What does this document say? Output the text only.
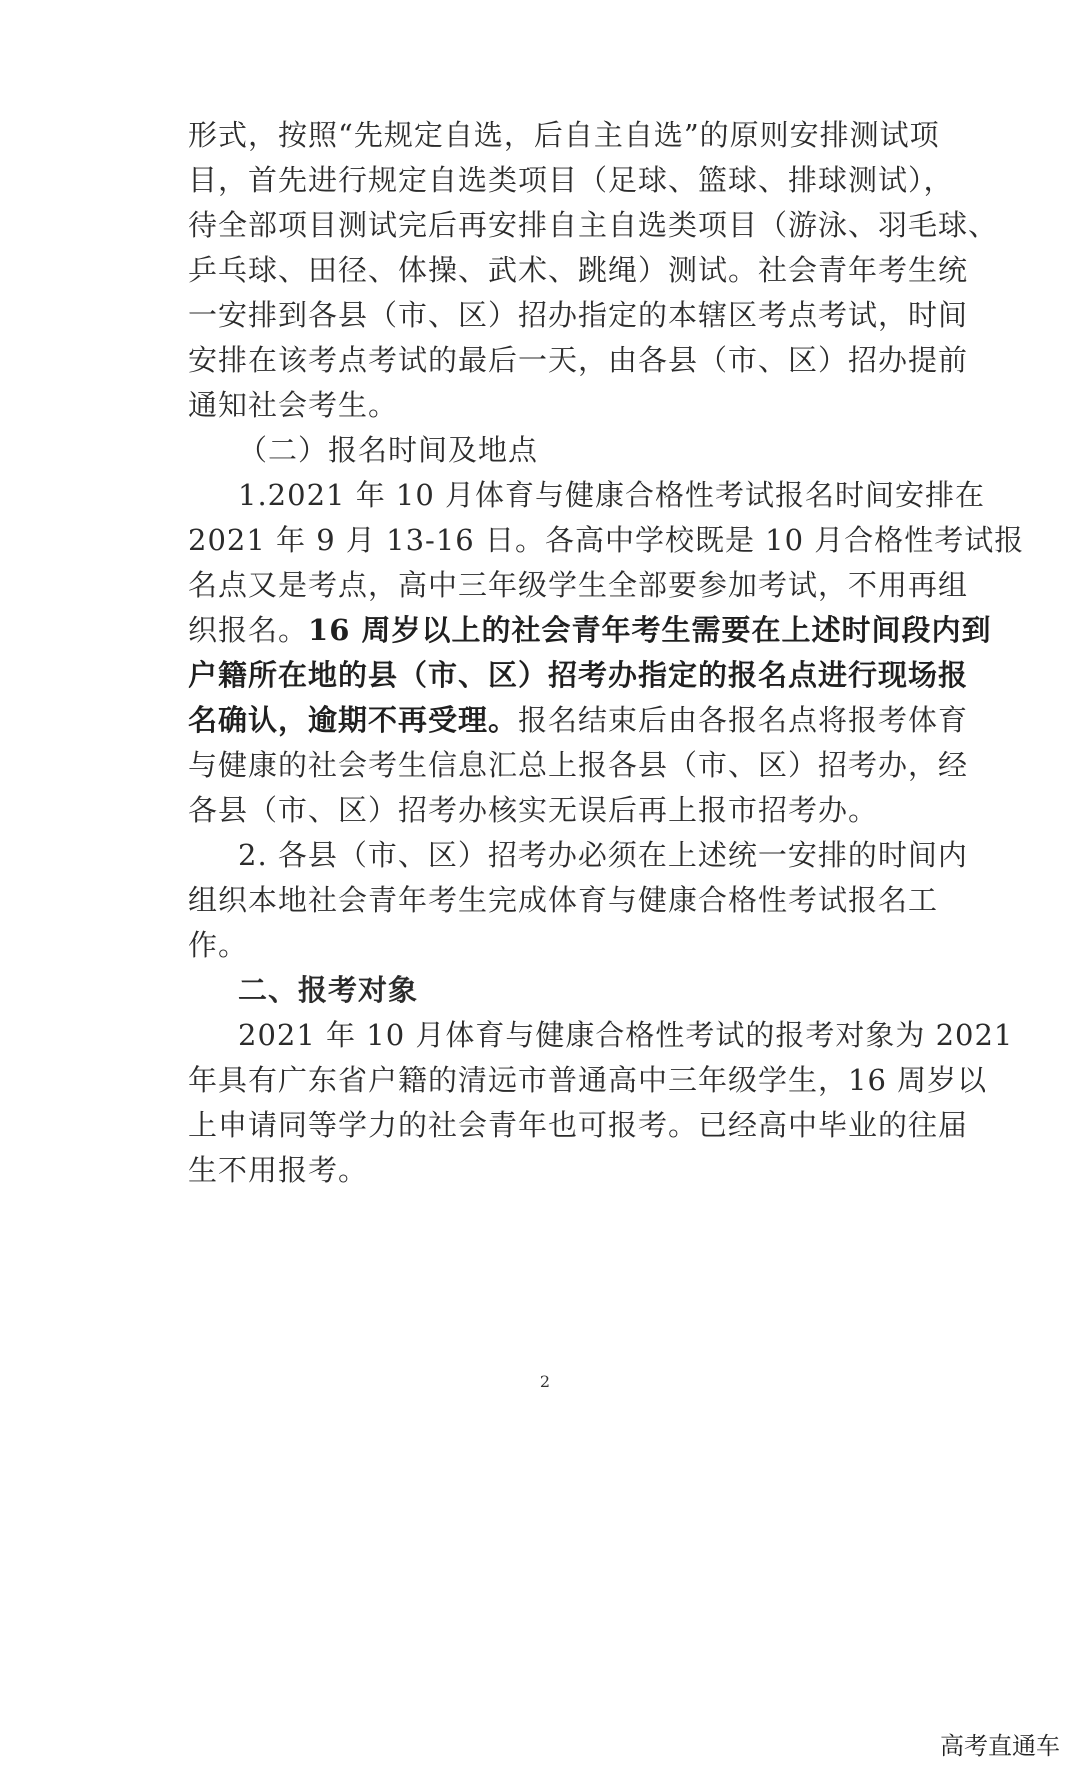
形式，按照“先规定自选，后自主自选”的原则安排测试项
目，首先进行规定自选类项目（足球、篮球、排球测试），
待全部项目测试完后再安排自主自选类项目（游泳、羽毛球、
乒乓球、田径、体操、武术、跳绳）测试。社会青年考生统
一安排到各县（市、区）招办指定的本辖区考点考试，时间
安排在该考点考试的最后一天，由各县（市、区）招办提前
通知社会考生。
（二）报名时间及地点
1.2021 年 10 月体育与健康合格性考试报名时间安排在
2021 年 9 月 13-16 日。各高中学校既是 10 月合格性考试报
名点又是考点，高中三年级学生全部要参加考试，不用再组
织报名。16 周岁以上的社会青年考生需要在上述时间段内到
户籍所在地的县（市、区）招考办指定的报名点进行现场报
名确认，逾期不再受理。报名结束后由各报名点将报考体育
与健康的社会考生信息汇总上报各县（市、区）招考办，经
各县（市、区）招考办核实无误后再上报市招考办。
2. 各县（市、区）招考办必须在上述统一安排的时间内
组织本地社会青年考生完成体育与健康合格性考试报名工
作。
二、报考对象
2021 年 10 月体育与健康合格性考试的报考对象为 2021
年具有广东省户籍的清远市普通高中三年级学生，16 周岁以
上申请同等学力的社会青年也可报考。已经高中毕业的往届
生不用报考。
2
高考直通车
